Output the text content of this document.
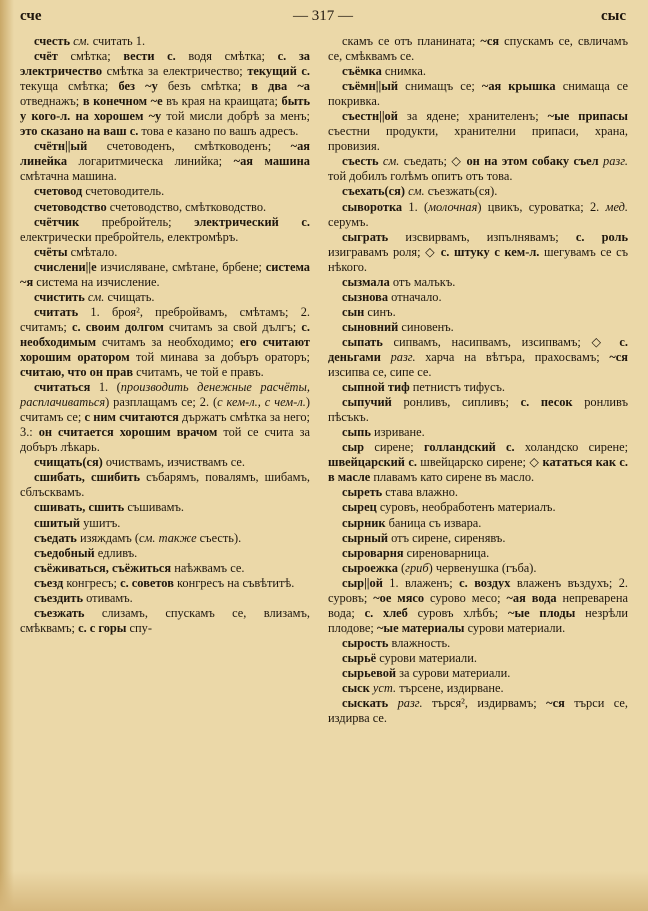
сче	— 317 —	сыс

счесть см. считать 1.

счёт смѣтка; вести с. водя смѣтка; с. за электричество смѣтка за електричество; текущий с. текуща смѣтка; без ~у безъ смѣтка; в два ~а отведнажъ; в конечном ~е въ края на краищата; быть у кого-л. на хорошем ~у той мисли добрѣ за менъ; это сказано на ваш с. това е казано по вашъ адресъ.

счётн||ый счетоводенъ, смѣтководенъ; ~ая линейка логаритмическа линийка; ~ая машина смѣтачна машина.

счетовод счетоводитель.

счетоводство счетоводство, смѣтководство.

счётчик пребройтель; электрический с. електрически пребройтель, електромѣръ.

счёты смѣтало.

счислени||е изчисляване, смѣтане, брбене; система ~я система на изчисление.

счистить см. счищать.

считать 1. броя², пребройвамъ, смѣтамъ; 2. считамъ; с. своим долгом считамъ за свой дългъ; с. необходимым считамъ за необходимо; его считают хорошим оратором той минава за добъръ ораторъ; считаю, что он прав считамъ, че той е правъ.

считаться 1. (производить денежные расчёты, расплачиваться) разплащамъ се; 2. (с кем-л., с чем-л.) считамъ се; с ним считаются държатъ смѣтка за него; 3.: он считается хорошим врачом той се счита за добъръ лѣкарь.

счищать(ся) очиствамъ, изчиствамъ се.

сшибать, сшибить събарямъ, повалямъ, шибамъ, сблъсквамъ.

сшивать, сшить съшивамъ.

сшитый ушитъ.

съедать изяждамъ (см. также съесть).

съедобный едливъ.

съёживаться, съёжиться наѣжвамъ се.

съезд конгресъ; с. советов конгресъ на съвѣтитѣ.

съездить отивамъ.

съезжать слизамъ, спускамъ се, влизамъ, смѣквамъ; с. с горы спу-

скамъ се отъ планината; ~ся спускамъ се, свличамъ се, смѣквамъ се.

съёмка снимка.

съёмн||ый снимащъ се; ~ая крышка снимаща се покривка.

съестн||ой за ядене; хранителенъ; ~ые припасы съестни продукти, хранителни припаси, храна, провизия.

съесть см. съедать; ◇ он на этом собаку съел разг. той добилъ голѣмъ опитъ отъ това.

съехать(ся) см. съезжать(ся).

сыворотка 1. (молочная) цвикъ, суроватка; 2. мед. серумъ.

сыграть изсвирвамъ, изпълнявамъ; с. роль изигравамъ роля; ◇ с. штуку с кем-л. шегувамъ се съ нѣкого.

сызмала отъ малъкъ.

сызнова отначало.

сын синъ.

сыновний синовенъ.

сыпать сипвамъ, насипвамъ, изсипвамъ; ◇ с. деньгами разг. харча на вѣтъра, прахосвамъ; ~ся изсипва се, сипе се.

сыпной тиф петнистъ тифусъ.

сыпучий ронливъ, сипливъ; с. песок ронливъ пѣсъкъ.

сыпь изриване.

сыр сирене; голландский с. холандско сирене; швейцарский с. швейцарско сирене; ◇ кататься как с. в масле плавамъ като сирене въ масло.

сыреть става влажно.

сырец суровъ, необработенъ материалъ.

сырник баница съ извара.

сырный отъ сирене, сиренявъ.

сыроварня сиреноварница.

сыроежка (гриб) червенушка (гъба).

сыр||ой 1. влаженъ; с. воздух влаженъ въздухъ; 2. суровъ; ~ое мясо сурово месо; ~ая вода непреварена вода; с. хлеб суровъ хлѣбъ; ~ые плоды незрѣли плодове; ~ые материалы сурови материали.

сырость влажность.

сырьё сурови материали.

сырьевой за сурови материали.

сыск уст. търсене, издирване.

сыскать разг. търся², издирвамъ; ~ся търси се, издирва се.
